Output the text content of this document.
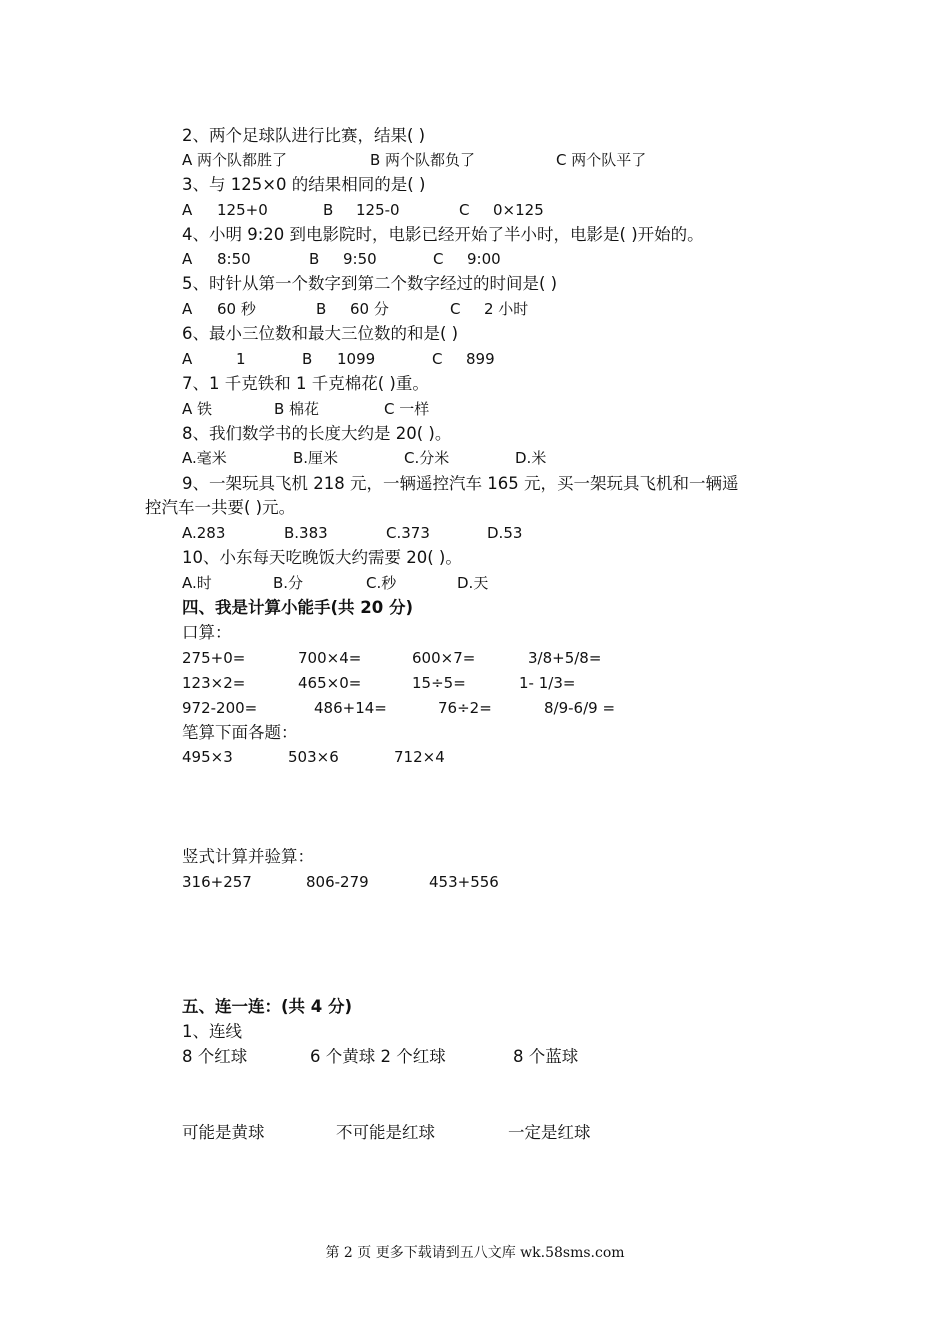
2、两个足球队进行比赛，结果( )
A 两个队都胜了	B 两个队都负了	C 两个队平了
3、与 125×0 的结果相同的是( )
A 125+0	B 125-0	C 0×125
4、小明 9:20 到电影院时，电影已经开始了半小时，电影是( )开始的。
A 8:50	B 9:50	C 9:00
5、时针从第一个数字到第二个数字经过的时间是( )
A 60 秒	B 60 分	C 2 小时
6、最小三位数和最大三位数的和是( )
A	1	B 1099	C 899
7、1 千克铁和 1 千克棉花( )重。
A 铁	B 棉花	C 一样
8、我们数学书的长度大约是 20( )。
A.毫米	B.厘米	C.分米	D.米
9、一架玩具飞机 218 元，一辆遥控汽车 165 元，买一架玩具飞机和一辆遥
控汽车一共要( )元。
A.283	B.383	C.373	D.53
10、小东每天吃晚饭大约需要 20( )。
A.时	B.分	C.秒	D.天
四、我是计算小能手(共 20 分)
口算：
275+0=	700×4=	600×7=	3/8+5/8=
123×2=	465×0=	15÷5=	1- 1/3=
972-200=	486+14=	76÷2=	8/9-6/9 =
笔算下面各题：
495×3	503×6	712×4
竖式计算并验算：
316+257	806-279	453+556
五、连一连：(共 4 分)
1、连线
8 个红球	6 个黄球 2 个红球	8 个蓝球
可能是黄球	不可能是红球	一定是红球
第 2 页 更多下载请到五八文库 wk.58sms.com
